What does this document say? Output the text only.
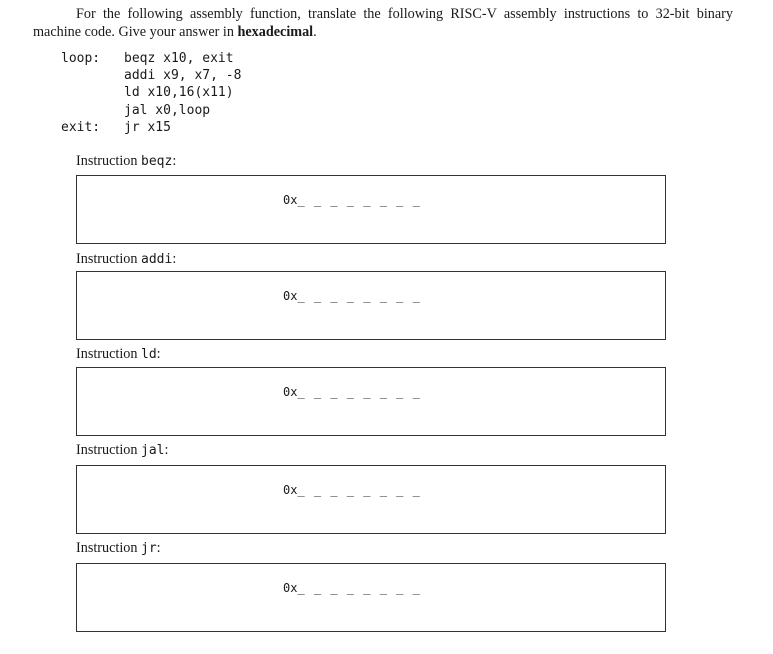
For the following assembly function, translate the following RISC-V assembly instructions to 32-bit binary machine code. Give your answer in hexadecimal.

loop:

beqz x10, exit

addi x9, x7, -8

ld x10,16(x11)

jal x0,loop

exit:

jr x15

Instruction beqz:
0x_ _ _ _ _ _ _ _
Instruction addi:
0x_ _ _ _ _ _ _ _
Instruction ld:
0x_ _ _ _ _ _ _ _
Instruction jal:
0x_ _ _ _ _ _ _ _
Instruction jr:
0x_ _ _ _ _ _ _ _
